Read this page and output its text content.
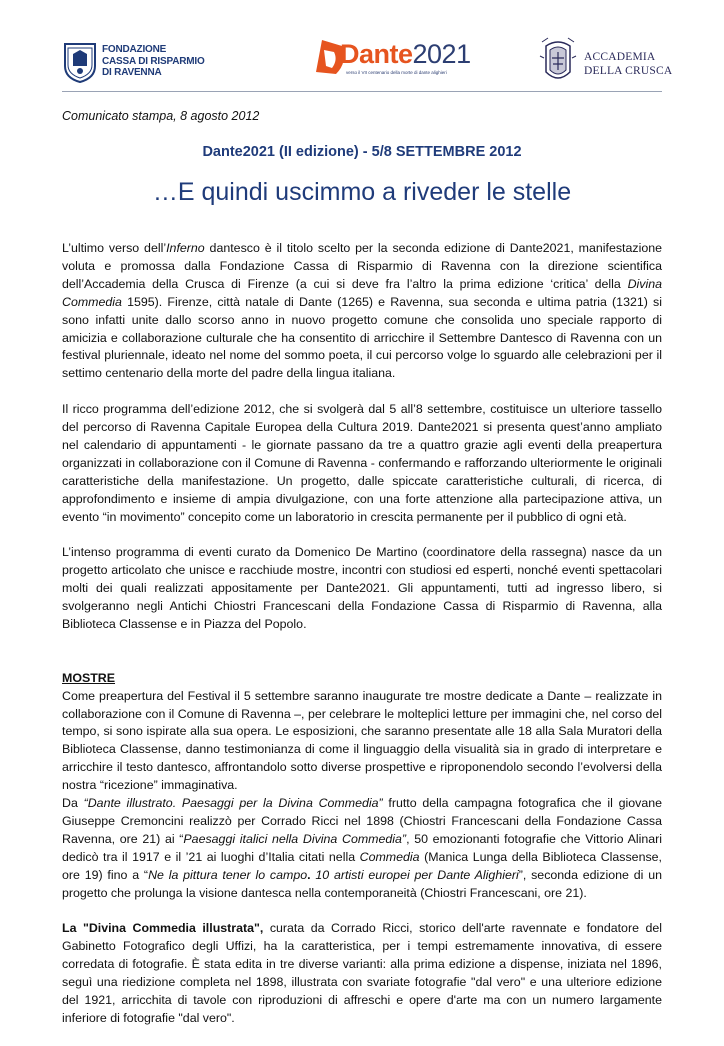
FONDAZIONE
CASSA DI RISPARMIO
DI RAVENNA
Dante2021
verso il VII centenario della morte di dante alighieri
ACCADEMIA
DELLA CRUSCA
Comunicato stampa, 8 agosto 2012
Dante2021 (II edizione) - 5/8 SETTEMBRE 2012
…E quindi uscimmo a riveder le stelle

L’ultimo verso dell’Inferno dantesco è il titolo scelto per la seconda edizione di Dante2021, manifestazione voluta e promossa dalla Fondazione Cassa di Risparmio di Ravenna con la direzione scientifica dell’Accademia della Crusca di Firenze (a cui si deve fra l’altro la prima edizione ‘critica’ della Divina Commedia 1595). Firenze, città natale di Dante (1265) e Ravenna, sua seconda e ultima patria (1321) si sono infatti unite dallo scorso anno in nuovo progetto comune che consolida uno speciale rapporto di amicizia e collaborazione culturale che ha consentito di arricchire il Settembre Dantesco di Ravenna con un festival pluriennale, ideato nel nome del sommo poeta, il cui percorso volge lo sguardo alle celebrazioni per il settimo centenario della morte del padre della lingua italiana.

Il ricco programma dell’edizione 2012, che si svolgerà dal 5 all’8 settembre, costituisce un ulteriore tassello del percorso di Ravenna Capitale Europea della Cultura 2019. Dante2021 si presenta quest’anno ampliato nel calendario di appuntamenti - le giornate passano da tre a quattro grazie agli eventi della preapertura organizzati in collaborazione con il Comune di Ravenna - confermando e rafforzando ulteriormente le originali caratteristiche della manifestazione. Un progetto, dalle spiccate caratteristiche culturali, di ricerca, di approfondimento e insieme di ampia divulgazione, con una forte attenzione alla partecipazione attiva, un evento “in movimento” concepito come un laboratorio in crescita permanente per il pubblico di ogni età.

L’intenso programma di eventi curato da Domenico De Martino (coordinatore della rassegna) nasce da un progetto articolato che unisce e racchiude mostre, incontri con studiosi ed esperti, nonché eventi spettacolari molti dei quali realizzati appositamente per Dante2021. Gli appuntamenti, tutti ad ingresso libero, si svolgeranno negli Antichi Chiostri Francescani della Fondazione Cassa di Risparmio di Ravenna, alla Biblioteca Classense e in Piazza del Popolo.

MOSTRE

Come preapertura del Festival il 5 settembre saranno inaugurate tre mostre dedicate a Dante – realizzate in collaborazione con il Comune di Ravenna –, per celebrare le molteplici letture per immagini che, nel corso del tempo, si sono ispirate alla sua opera. Le esposizioni, che saranno presentate alle 18 alla Sala Muratori della Biblioteca Classense, danno testimonianza di come il linguaggio della visualità sia in grado di interpretare e arricchire il testo dantesco, affrontandolo sotto diverse prospettive e riproponendolo secondo l’evolversi della nostra “ricezione” immaginativa.

Da “Dante illustrato. Paesaggi per la Divina Commedia” frutto della campagna fotografica che il giovane Giuseppe Cremoncini realizzò per Corrado Ricci nel 1898 (Chiostri Francescani della Fondazione Cassa Ravenna, ore 21) ai “Paesaggi italici nella Divina Commedia”, 50 emozionanti fotografie che Vittorio Alinari dedicò tra il 1917 e il ’21 ai luoghi d’Italia citati nella Commedia (Manica Lunga della Biblioteca Classense, ore 19) fino a “Ne la pittura tener lo campo. 10 artisti europei per Dante Alighieri”, seconda edizione di un progetto che prolunga la visione dantesca nella contemporaneità (Chiostri Francescani, ore 21).

La "Divina Commedia illustrata", curata da Corrado Ricci, storico dell'arte ravennate e fondatore del Gabinetto Fotografico degli Uffizi, ha la caratteristica, per i tempi estremamente innovativa, di essere corredata di fotografie. È stata edita in tre diverse varianti: alla prima edizione a dispense, iniziata nel 1896, seguì una riedizione completa nel 1898, illustrata con svariate fotografie "dal vero" e una ulteriore edizione del 1921, arricchita di tavole con riproduzioni di affreschi e opere d'arte ma con un numero largamente inferiore di fotografie "dal vero".
